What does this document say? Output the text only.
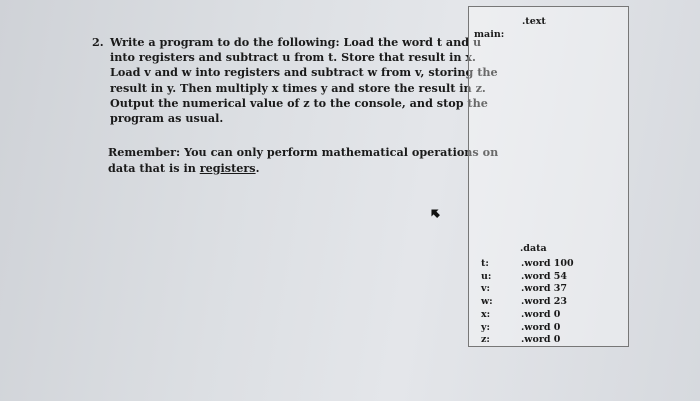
2. Write a program to do the following: Load the word t and u
into registers and subtract u from t. Store that result in x.
Load v and w into registers and subtract w from v, storing the
result in y. Then multiply x times y and store the result in z.
Output the numerical value of z to the console, and stop the
program as usual.
Remember: You can only perform mathematical operations on
data that is in registers.
.text
main:
.data
t:
u:
v:
w:
x:
y:
z:
.word 100
.word 54
.word 37
.word 23
.word 0
.word 0
.word 0
